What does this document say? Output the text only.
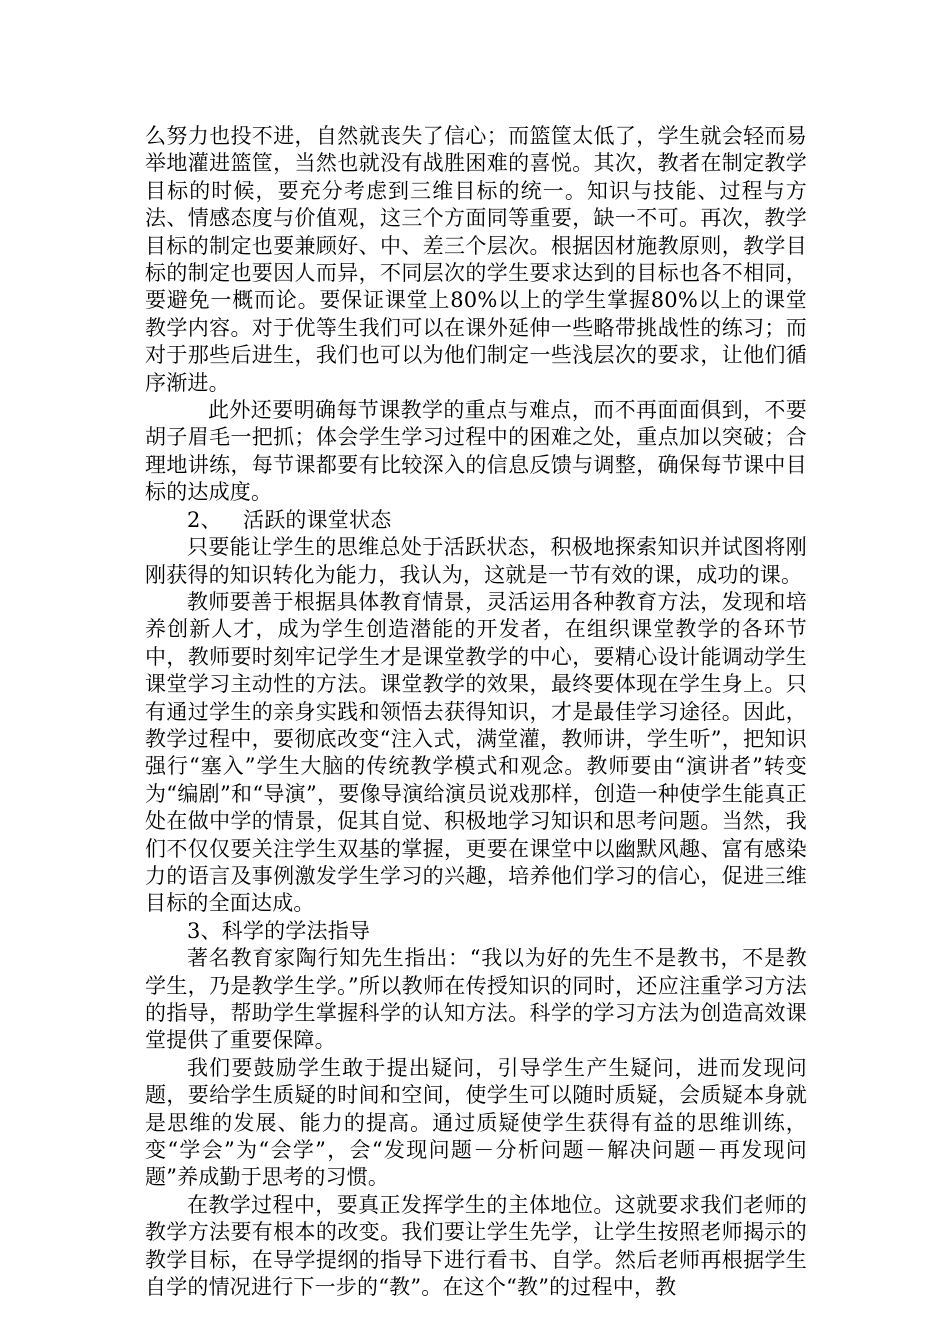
么努力也投不进，自然就丧失了信心；而篮筐太低了，学生就会轻而易举地灌进篮筐，当然也就没有战胜困难的喜悦。其次，教者在制定教学目标的时候，要充分考虑到三维目标的统一。知识与技能、过程与方法、情感态度与价值观，这三个方面同等重要，缺一不可。再次，教学目标的制定也要兼顾好、中、差三个层次。根据因材施教原则，教学目标的制定也要因人而异，不同层次的学生要求达到的目标也各不相同，要避免一概而论。要保证课堂上80%以上的学生掌握80%以上的课堂教学内容。对于优等生我们可以在课外延伸一些略带挑战性的练习；而对于那些后进生，我们也可以为他们制定一些浅层次的要求，让他们循序渐进。

此外还要明确每节课教学的重点与难点，而不再面面俱到，不要胡子眉毛一把抓；体会学生学习过程中的困难之处，重点加以突破；合理地讲练，每节课都要有比较深入的信息反馈与调整，确保每节课中目标的达成度。

2、 活跃的课堂状态

只要能让学生的思维总处于活跃状态，积极地探索知识并试图将刚刚获得的知识转化为能力，我认为，这就是一节有效的课，成功的课。

教师要善于根据具体教育情景，灵活运用各种教育方法，发现和培养创新人才，成为学生创造潜能的开发者，在组织课堂教学的各环节中，教师要时刻牢记学生才是课堂教学的中心，要精心设计能调动学生课堂学习主动性的方法。课堂教学的效果，最终要体现在学生身上。只有通过学生的亲身实践和领悟去获得知识，才是最佳学习途径。因此，教学过程中，要彻底改变“注入式，满堂灌，教师讲，学生听”，把知识强行“塞入”学生大脑的传统教学模式和观念。教师要由“演讲者”转变为“编剧”和“导演”，要像导演给演员说戏那样，创造一种使学生能真正处在做中学的情景，促其自觉、积极地学习知识和思考问题。当然，我们不仅仅要关注学生双基的掌握，更要在课堂中以幽默风趣、富有感染力的语言及事例激发学生学习的兴趣，培养他们学习的信心，促进三维目标的全面达成。

3、科学的学法指导

著名教育家陶行知先生指出：“我以为好的先生不是教书，不是教学生，乃是教学生学。”所以教师在传授知识的同时，还应注重学习方法的指导，帮助学生掌握科学的认知方法。科学的学习方法为创造高效课堂提供了重要保障。

我们要鼓励学生敢于提出疑问，引导学生产生疑问，进而发现问题，要给学生质疑的时间和空间，使学生可以随时质疑，会质疑本身就是思维的发展、能力的提高。通过质疑使学生获得有益的思维训练，变“学会”为“会学”，会“发现问题－分析问题－解决问题－再发现问题”养成勤于思考的习惯。

在教学过程中，要真正发挥学生的主体地位。这就要求我们老师的教学方法要有根本的改变。我们要让学生先学，让学生按照老师揭示的教学目标，在导学提纲的指导下进行看书、自学。然后老师再根据学生自学的情况进行下一步的“教”。在这个“教”的过程中，教
